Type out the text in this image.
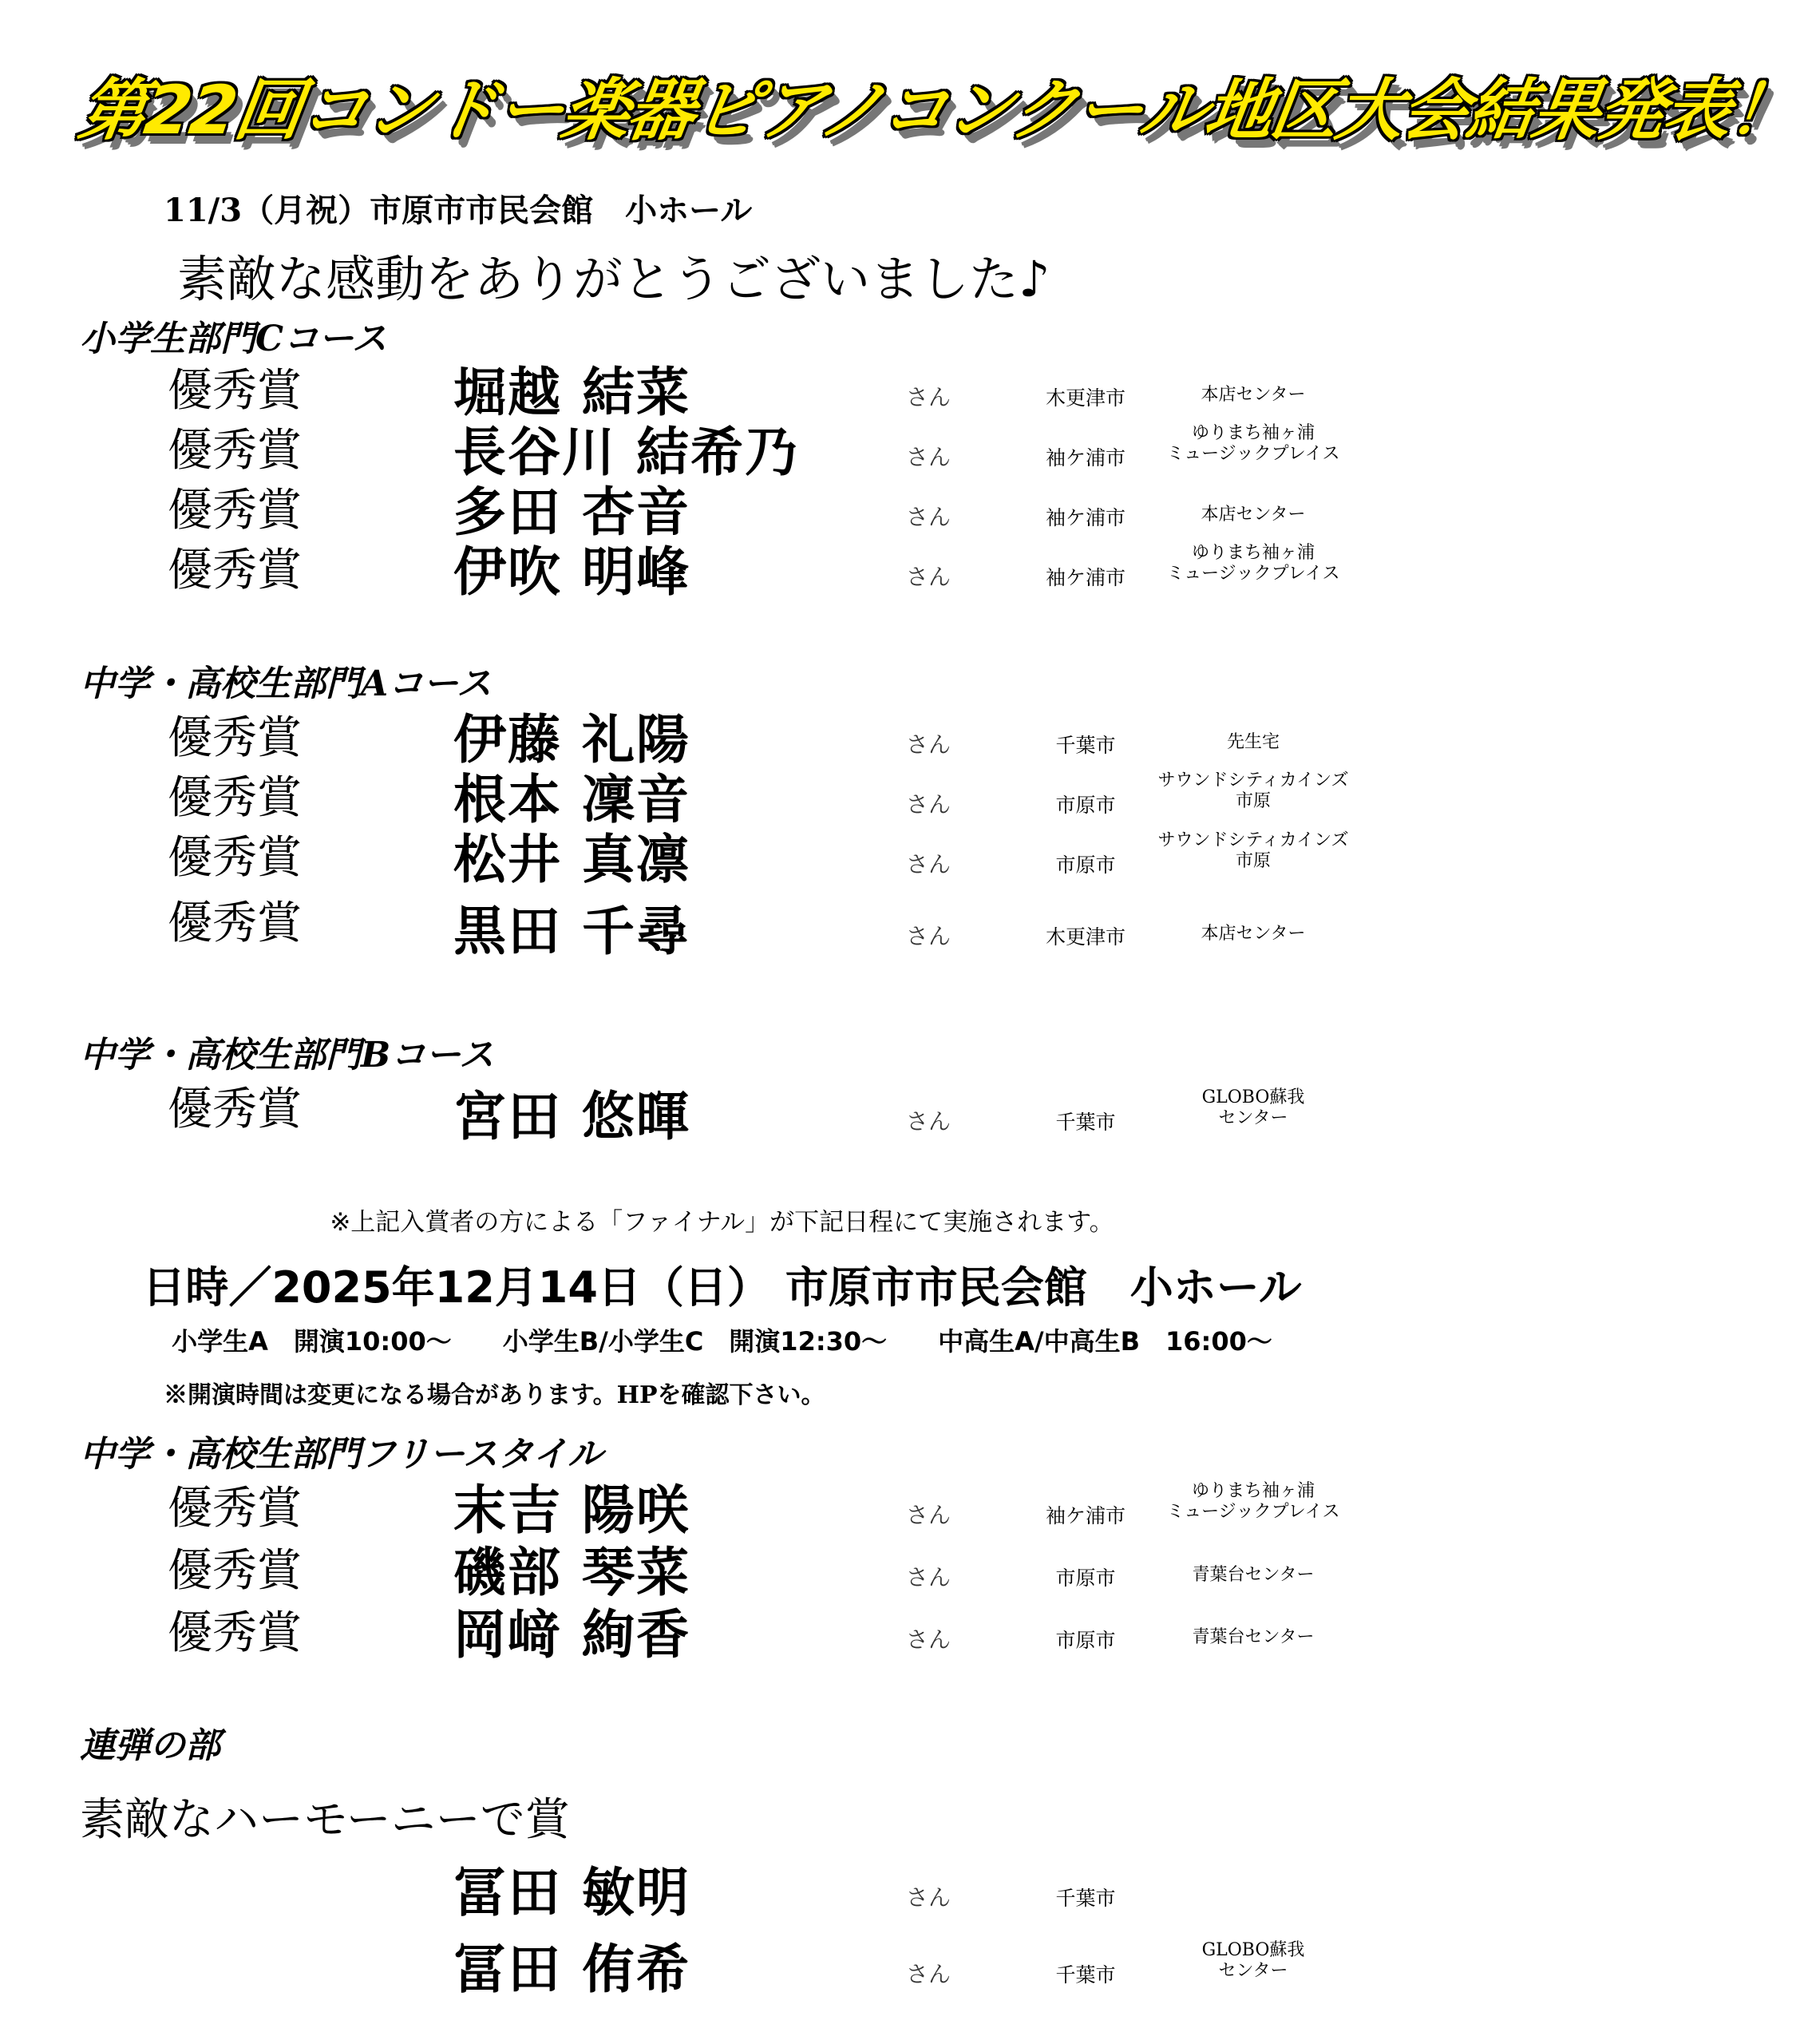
第22回コンドー楽器ピアノコンクール地区大会結果発表！
11/3（月祝）市原市市民会館　小ホール
素敵な感動をありがとうございました♪
小学生部門Cコース
優秀賞	堀越 結菜	さん	木更津市	本店センター
優秀賞	長谷川 結希乃	さん	袖ケ浦市
ゆりまち袖ヶ浦
ミュージックプレイス
優秀賞	多田 杏音	さん	袖ケ浦市	本店センター
優秀賞	伊吹 明峰	さん	袖ケ浦市
ゆりまち袖ヶ浦
ミュージックプレイス
中学・高校生部門Aコース
優秀賞	伊藤 礼陽	さん	千葉市	先生宅
優秀賞	根本 凜音	さん	市原市
サウンドシティカインズ
市原
優秀賞	松井 真凛	さん	市原市
サウンドシティカインズ
市原
優秀賞	黒田 千尋	さん	木更津市	本店センター
中学・高校生部門Bコース
優秀賞	宮田 悠暉	さん	千葉市
GLOBO蘇我
センター
※上記入賞者の方による「ファイナル」が下記日程にて実施されます。
日時／2025年12月14日（日） 市原市市民会館　小ホール
小学生A　開演10:00～　　小学生B/小学生C　開演12:30～　　中高生A/中高生B　16:00～
※開演時間は変更になる場合があります。HPを確認下さい。
中学・高校生部門フリースタイル
優秀賞	末吉 陽咲	さん	袖ケ浦市
ゆりまち袖ヶ浦
ミュージックプレイス
優秀賞	磯部 琴菜	さん	市原市	青葉台センター
優秀賞	岡﨑 絢香	さん	市原市	青葉台センター
連弾の部
素敵なハーモーニーで賞
冨田 敏明	さん	千葉市
冨田 侑希	さん	千葉市
GLOBO蘇我
センター
